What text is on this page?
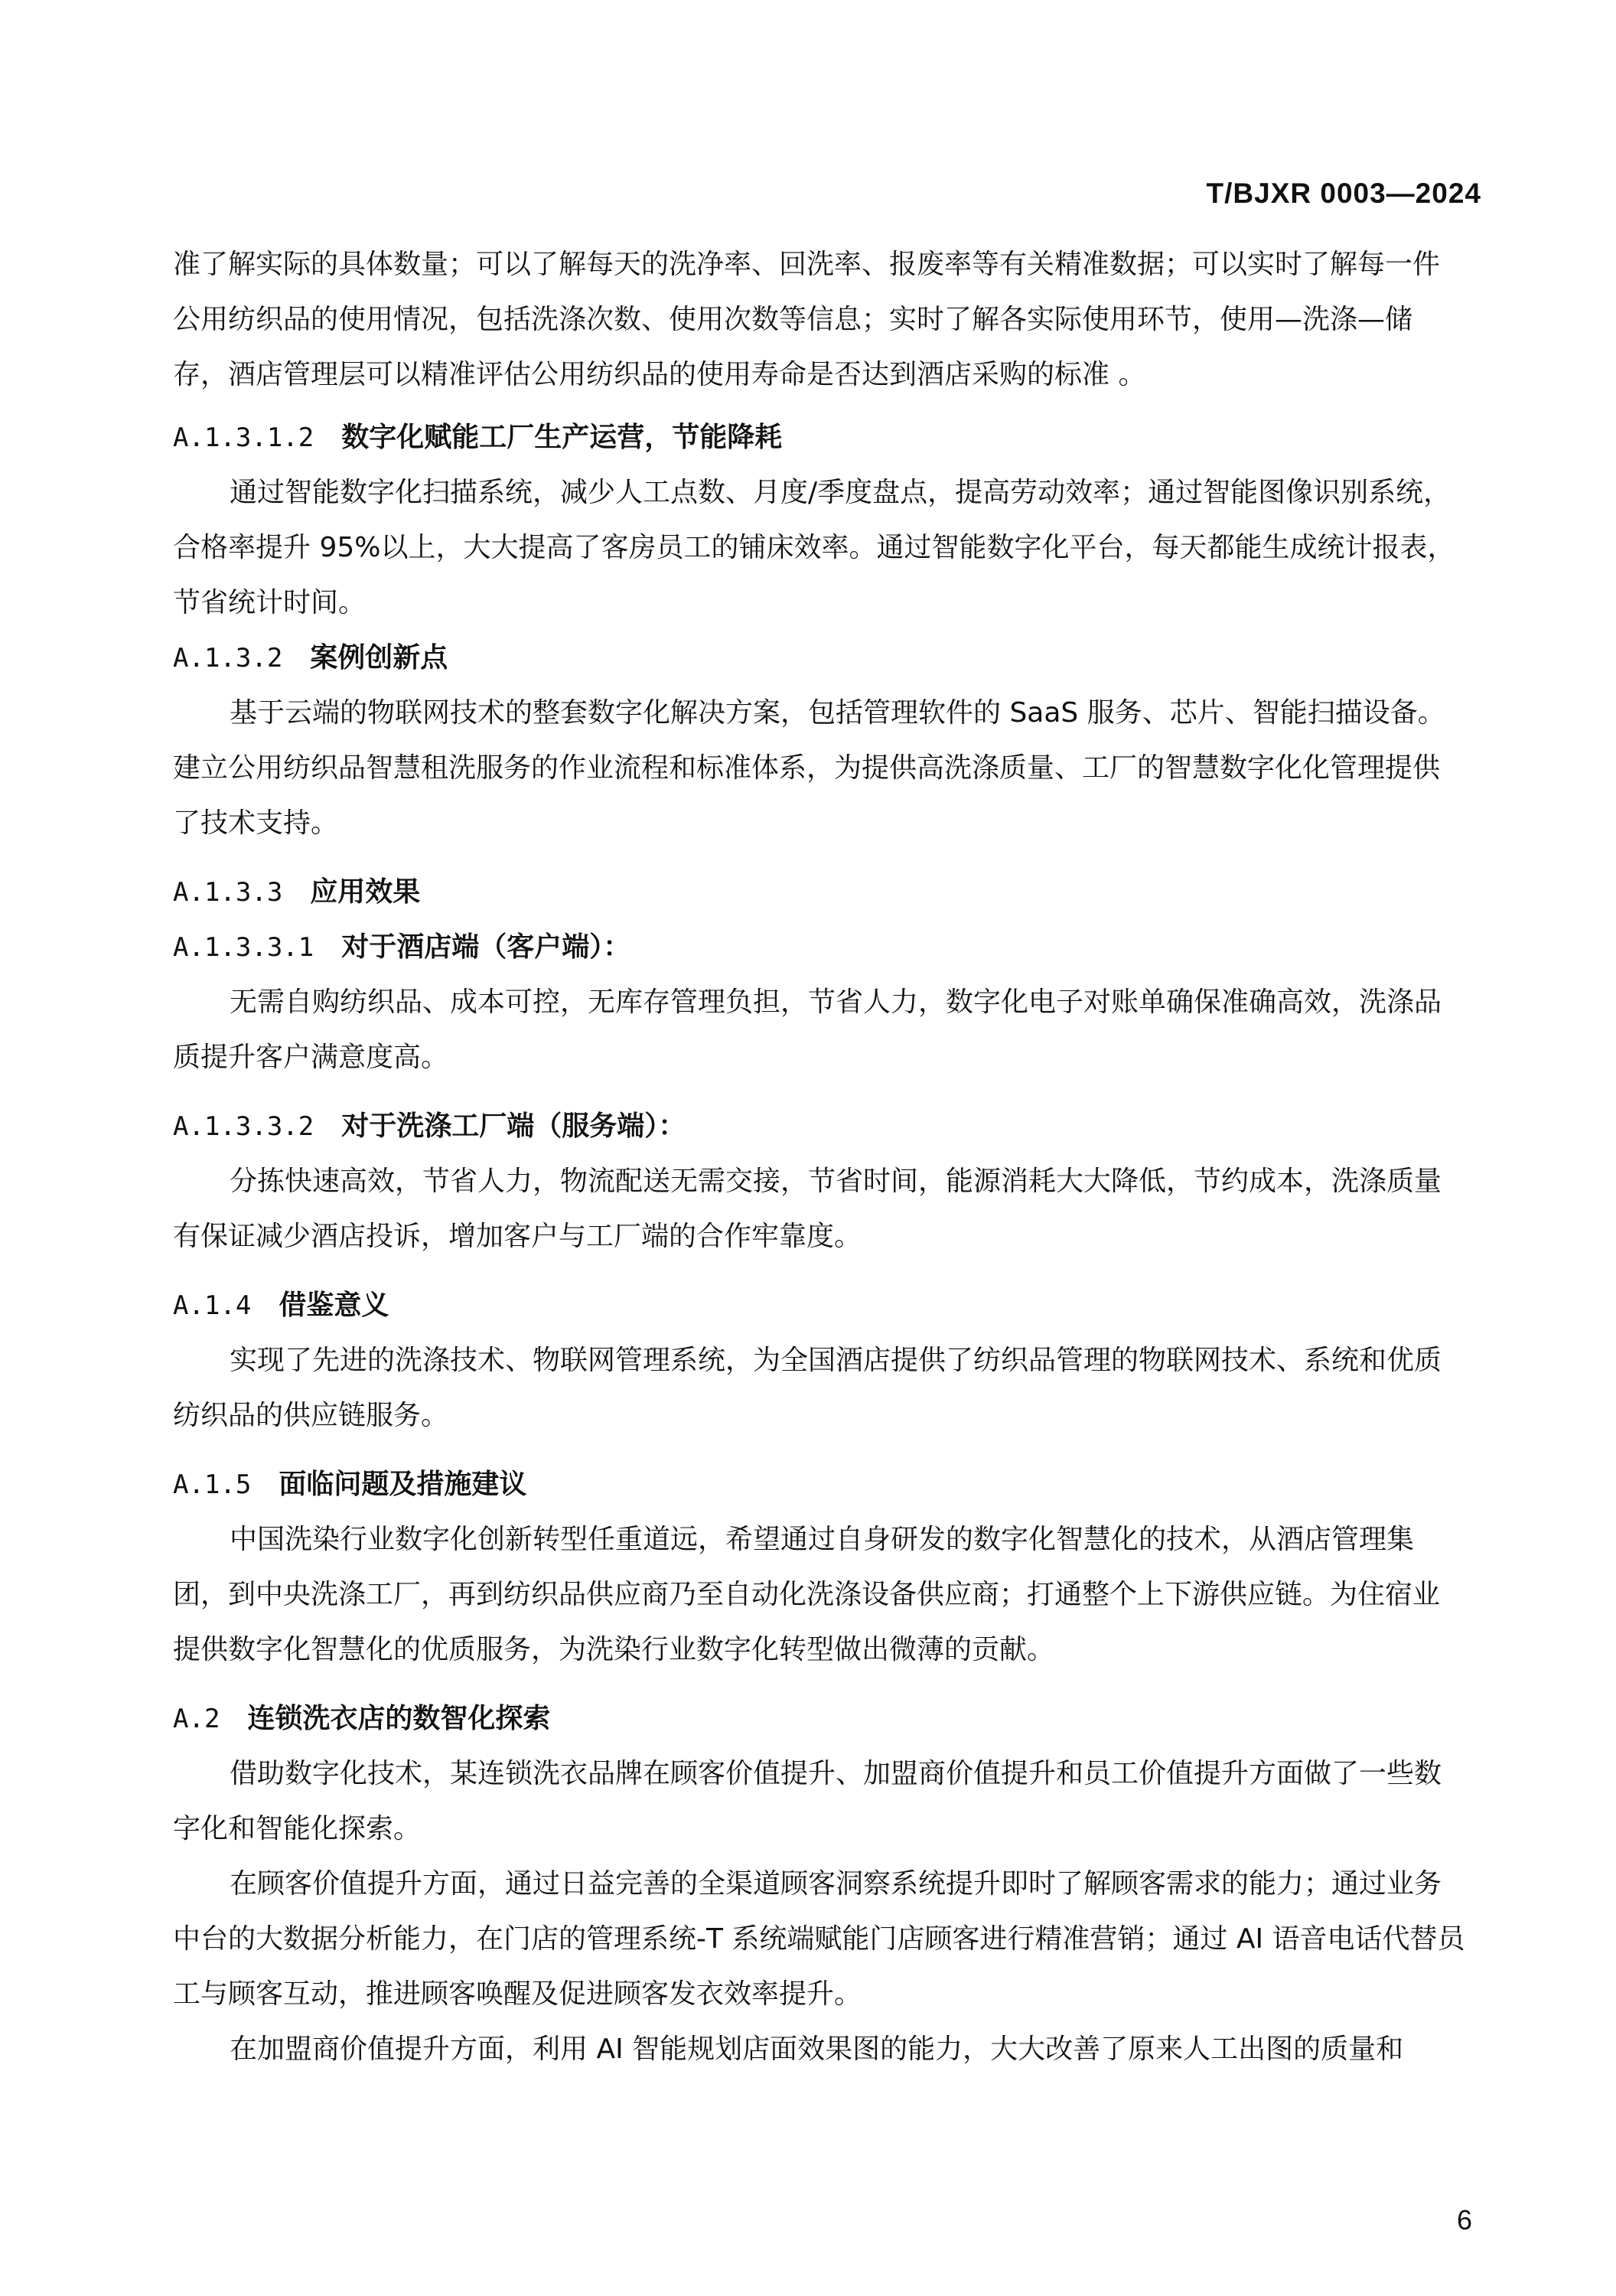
T/BJXR 0003—2024

准了解实际的具体数量；可以了解每天的洗净率、回洗率、报废率等有关精准数据；可以实时了解每一件公用纺织品的使用情况，包括洗涤次数、使用次数等信息；实时了解各实际使用环节，使用—洗涤—储存，酒店管理层可以精准评估公用纺织品的使用寿命是否达到酒店采购的标准 。

A.1.3.1.2 数字化赋能工厂生产运营，节能降耗

通过智能数字化扫描系统，减少人工点数、月度/季度盘点，提高劳动效率；通过智能图像识别系统，合格率提升 95%以上，大大提高了客房员工的铺床效率。通过智能数字化平台，每天都能生成统计报表，节省统计时间。

A.1.3.2 案例创新点

基于云端的物联网技术的整套数字化解决方案，包括管理软件的 SaaS 服务、芯片、智能扫描设备。建立公用纺织品智慧租洗服务的作业流程和标准体系，为提供高洗涤质量、工厂的智慧数字化化管理提供了技术支持。

A.1.3.3 应用效果
A.1.3.3.1 对于酒店端（客户端）：

无需自购纺织品、成本可控，无库存管理负担，节省人力，数字化电子对账单确保准确高效，洗涤品质提升客户满意度高。

A.1.3.3.2 对于洗涤工厂端（服务端）：

分拣快速高效，节省人力，物流配送无需交接，节省时间，能源消耗大大降低，节约成本，洗涤质量有保证减少酒店投诉，增加客户与工厂端的合作牢靠度。

A.1.4 借鉴意义

实现了先进的洗涤技术、物联网管理系统，为全国酒店提供了纺织品管理的物联网技术、系统和优质纺织品的供应链服务。

A.1.5 面临问题及措施建议

中国洗染行业数字化创新转型任重道远，希望通过自身研发的数字化智慧化的技术，从酒店管理集团，到中央洗涤工厂，再到纺织品供应商乃至自动化洗涤设备供应商；打通整个上下游供应链。为住宿业提供数字化智慧化的优质服务，为洗染行业数字化转型做出微薄的贡献。

A.2 连锁洗衣店的数智化探索

借助数字化技术，某连锁洗衣品牌在顾客价值提升、加盟商价值提升和员工价值提升方面做了一些数字化和智能化探索。

在顾客价值提升方面，通过日益完善的全渠道顾客洞察系统提升即时了解顾客需求的能力；通过业务中台的大数据分析能力，在门店的管理系统-T 系统端赋能门店顾客进行精准营销；通过 AI 语音电话代替员工与顾客互动，推进顾客唤醒及促进顾客发衣效率提升。

在加盟商价值提升方面，利用 AI 智能规划店面效果图的能力，大大改善了原来人工出图的质量和

6
